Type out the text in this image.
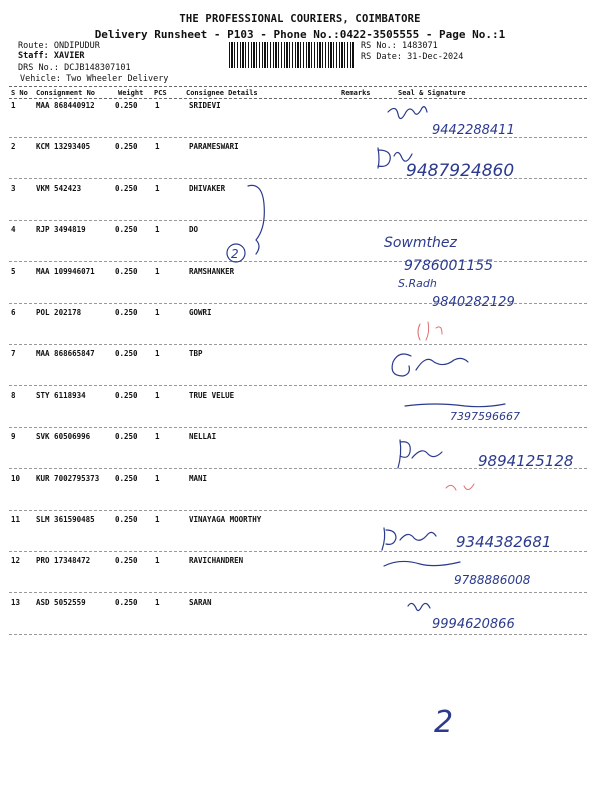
THE PROFESSIONAL COURIERS, COIMBATORE
Delivery Runsheet - P103 - Phone No.:0422-3505555 - Page No.:1
Route: ONDIPUDUR
Staff: XAVIER
DRS No.: DCJB148307101
Vehicle: Two Wheeler Delivery
RS No.: 1483071
RS Date: 31-Dec-2024
S No Consignment No	Weight PCS	Consignee Details	Remarks	Seal & Signature
1	MAA 868440912	0.250 1	SRIDEVI
2	KCM 13293405	0.250 1	PARAMESWARI
3	VKM 542423	0.250 1	DHIVAKER
4	RJP 3494819	0.250 1	DO
5	MAA 109946071	0.250 1	RAMSHANKER
6	POL 202178	0.250 1	GOWRI
7	MAA 868665847	0.250 1	TBP
8	STY 6118934	0.250 1	TRUE VELUE
9	SVK 60506996	0.250 1	NELLAI
10 KUR 7002795373 0.250 1	MANI
11 SLM 361590485	0.250 1	VINAYAGA MOORTHY
12 PRO 17348472	0.250 1	RAVICHANDREN
13 ASD 5052559	0.250 1	SARAN
9442288411
9487924860
Sowmthez
9786001155
S.Radh
9840282129
7397596667
9894125128
9344382681
9788886008
9994620866
2
2
